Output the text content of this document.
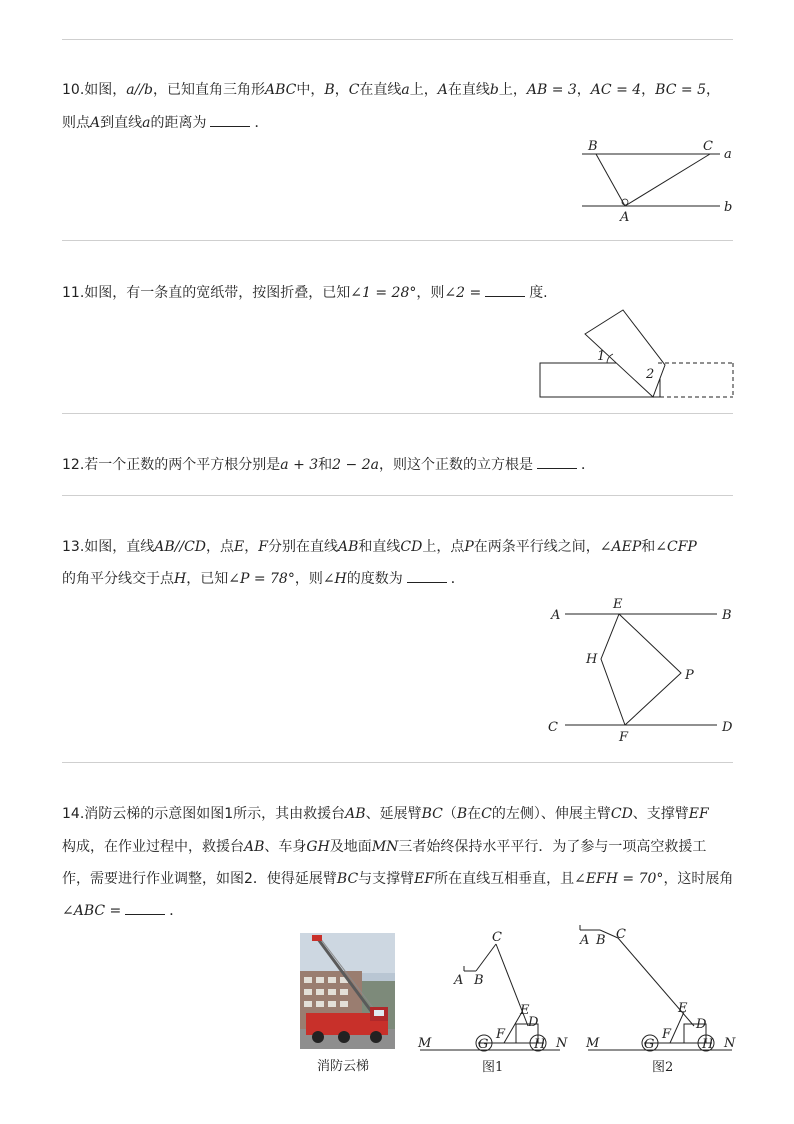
10.如图，a//b，已知直角三角形ABC中，B，C在直线a上，A在直线b上，AB = 3，AC = 4，BC = 5，
则点A到直线a的距离为	．
B	C
a
b
A
11.如图，有一条直的宽纸带，按图折叠，已知∠1 = 28°，则∠2 =	度.
1
2
12.若一个正数的两个平方根分别是a + 3和2 − 2a，则这个正数的立方根是	．
13.如图，直线AB//CD，点E，F分别在直线AB和直线CD上，点P在两条平行线之间，∠AEP和∠CFP
的角平分线交于点H，已知∠P = 78°，则∠H的度数为	．
A
E
B
H
P
C
F
D
14.消防云梯的示意图如图1所示，其由救援台AB、延展臂BC（B在C的左侧）、伸展主臂CD、支撑臂EF
构成，在作业过程中，救援台AB、车身GH及地面MN三者始终保持水平平行．为了参与一项高空救援工
作，需要进行作业调整，如图2．使得延展臂BC与支撑臂EF所在直线互相垂直，且∠EFH = 70°，这时展角
∠ABC =	．
消防云梯
C
A B
E
D
F
G	H
M	N
图1
A B C
E
D
F
G	H
M	N
图2
